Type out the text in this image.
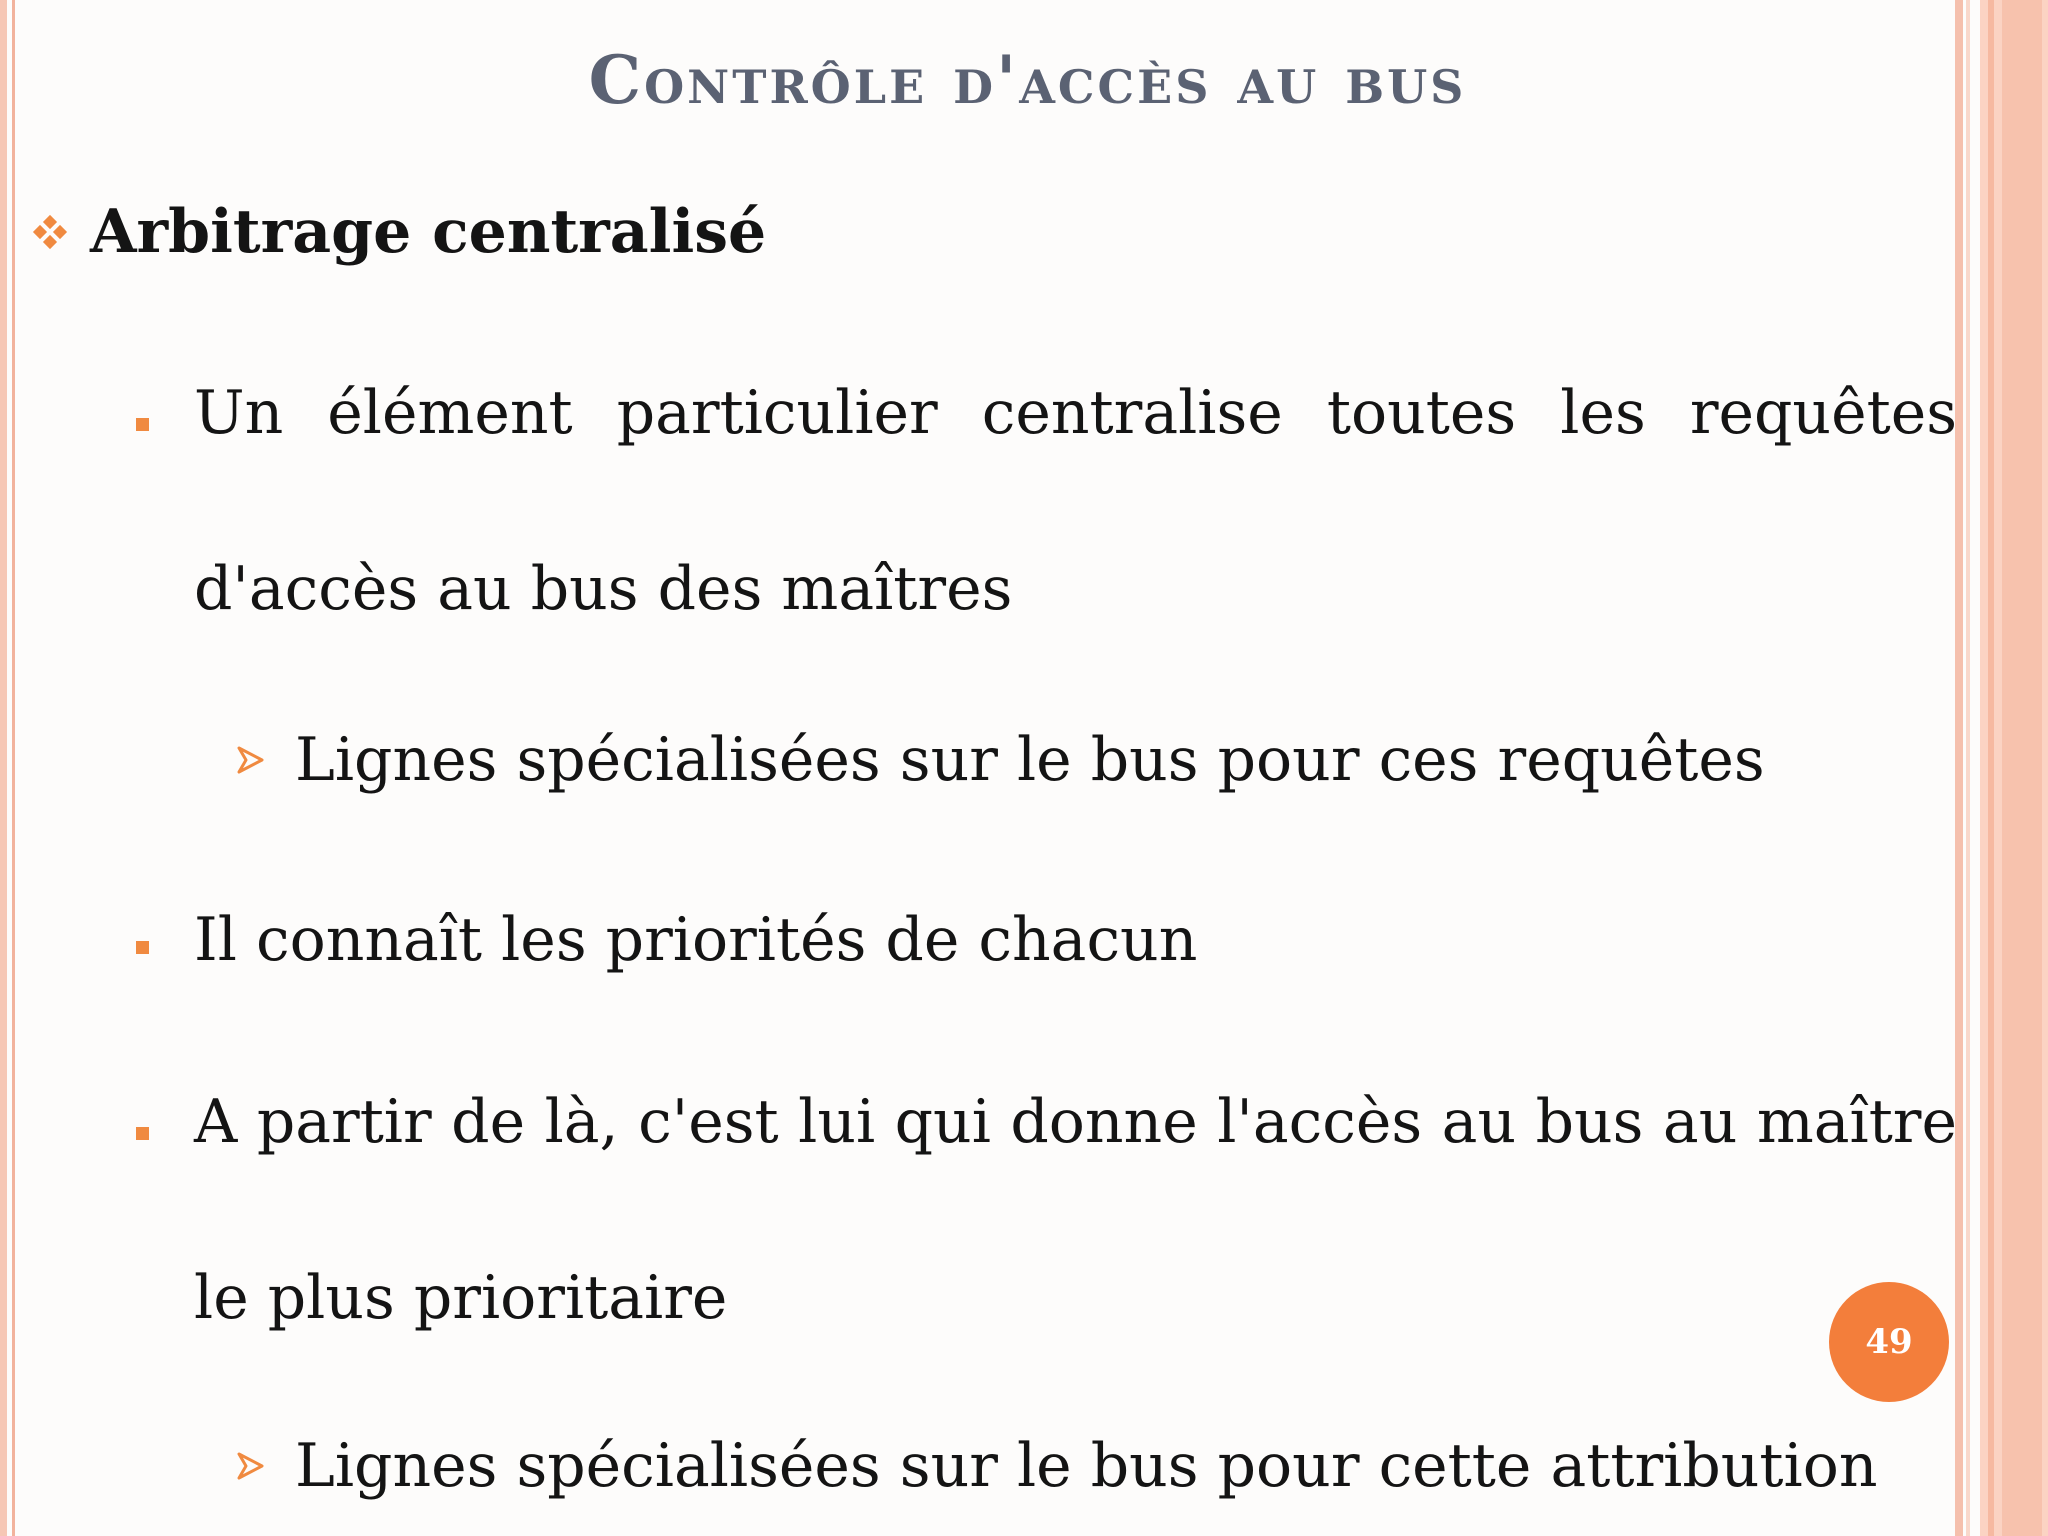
Contrôle d'accès au bus
Arbitrage centralisé
Un élément particulier centralise toutes les requêtes d'accès au bus des maîtres
Lignes spécialisées sur le bus pour ces requêtes
Il connaît les priorités de chacun
A partir de là, c'est lui qui donne l'accès au bus au maître le plus prioritaire
Lignes spécialisées sur le bus pour cette attribution
49
